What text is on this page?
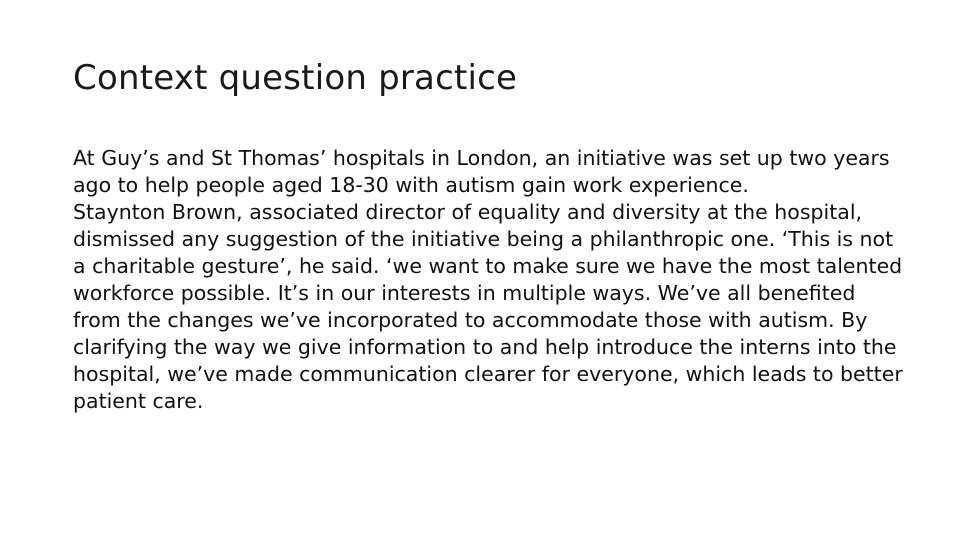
Context question practice

At Guy’s and St Thomas’ hospitals in London, an initiative was set up two years ago to help people aged 18-30 with autism gain work experience.

Staynton Brown, associated director of equality and diversity at the hospital, dismissed any suggestion of the initiative being a philanthropic one. ‘This is not a charitable gesture’, he said. ‘we want to make sure we have the most talented workforce possible. It’s in our interests in multiple ways. We’ve all benefited from the changes we’ve incorporated to accommodate those with autism. By clarifying the way we give information to and help introduce the interns into the hospital, we’ve made communication clearer for everyone, which leads to better patient care.
